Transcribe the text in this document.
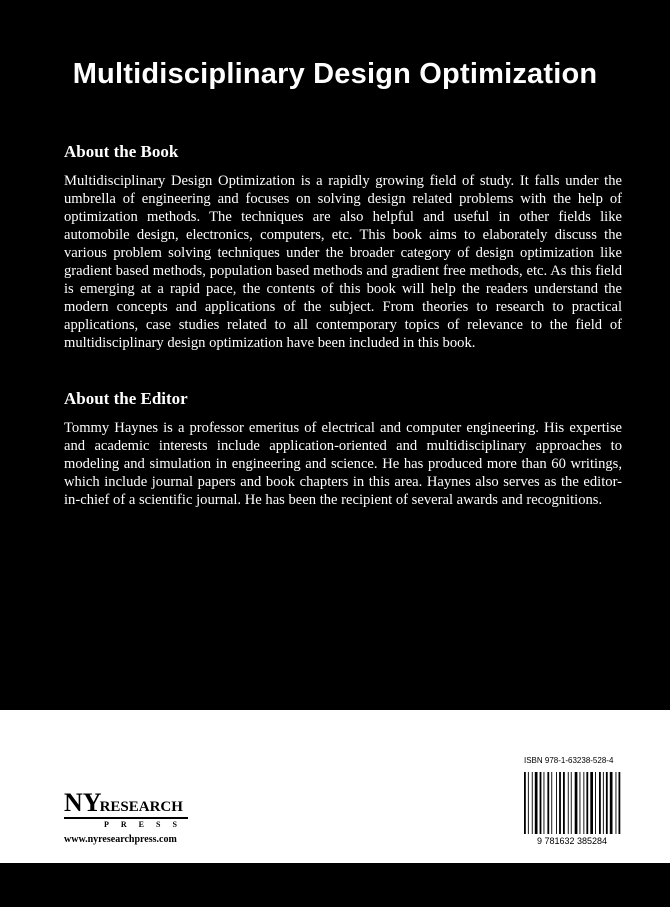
Multidisciplinary Design Optimization
About the Book

Multidisciplinary Design Optimization is a rapidly growing field of study. It falls under the umbrella of engineering and focuses on solving design related problems with the help of optimization methods. The techniques are also helpful and useful in other fields like automobile design, electronics, computers, etc. This book aims to elaborately discuss the various problem solving techniques under the broader category of design optimization like gradient based methods, population based methods and gradient free methods, etc. As this field is emerging at a rapid pace, the contents of this book will help the readers understand the modern concepts and applications of the subject. From theories to research to practical applications, case studies related to all contemporary topics of relevance to the field of multidisciplinary design optimization have been included in this book.

About the Editor

Tommy Haynes is a professor emeritus of electrical and computer engineering. His expertise and academic interests include application-oriented and multidisciplinary approaches to modeling and simulation in engineering and science. He has produced more than 60 writings, which include journal papers and book chapters in this area. Haynes also serves as the editor-in-chief of a scientific journal. He has been the recipient of several awards and recognitions.

NYRESEARCH
PRESS
www.nyresearchpress.com
ISBN 978-1-63238-528-4
9 781632 385284
